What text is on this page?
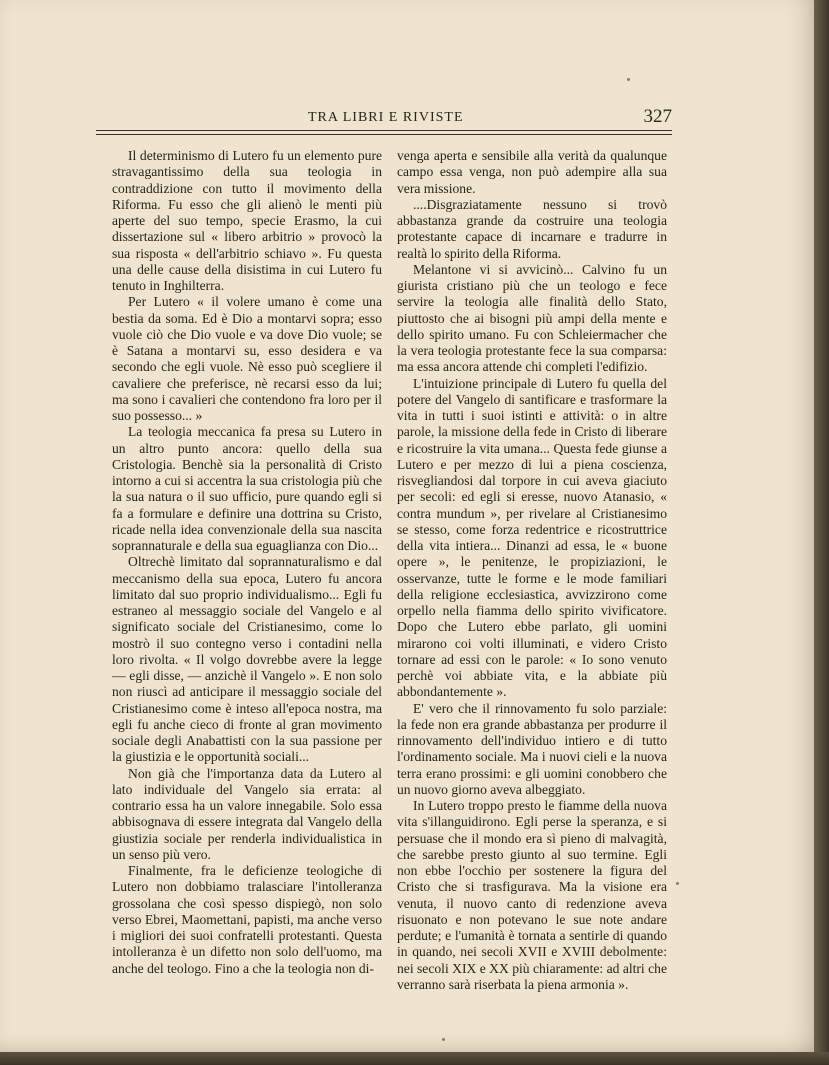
TRA LIBRI E RIVISTE	327

Il determinismo di Lutero fu un elemento pure stravagantissimo della sua teologia in contraddizione con tutto il movimento della Riforma. Fu esso che gli alienò le menti più aperte del suo tempo, specie Erasmo, la cui dissertazione sul « libero arbitrio » provocò la sua risposta « dell'arbitrio schiavo ». Fu questa una delle cause della disistima in cui Lutero fu tenuto in Inghilterra.

Per Lutero « il volere umano è come una bestia da soma. Ed è Dio a montarvi sopra; esso vuole ciò che Dio vuole e va dove Dio vuole; se è Satana a montarvi su, esso desidera e va secondo che egli vuole. Nè esso può scegliere il cavaliere che preferisce, nè recarsi esso da lui; ma sono i cavalieri che contendono fra loro per il suo possesso... »

La teologia meccanica fa presa su Lutero in un altro punto ancora: quello della sua Cristologia. Benchè sia la personalità di Cristo intorno a cui si accentra la sua cristologia più che la sua natura o il suo ufficio, pure quando egli si fa a formulare e definire una dottrina su Cristo, ricade nella idea convenzionale della sua nascita soprannaturale e della sua eguaglianza con Dio...

Oltrechè limitato dal soprannaturalismo e dal meccanismo della sua epoca, Lutero fu ancora limitato dal suo proprio individualismo... Egli fu estraneo al messaggio sociale del Vangelo e al significato sociale del Cristianesimo, come lo mostrò il suo contegno verso i contadini nella loro rivolta. « Il volgo dovrebbe avere la legge — egli disse, — anzichè il Vangelo ». E non solo non riuscì ad anticipare il messaggio sociale del Cristianesimo come è inteso all'epoca nostra, ma egli fu anche cieco di fronte al gran movimento sociale degli Anabattisti con la sua passione per la giustizia e le opportunità sociali...

Non già che l'importanza data da Lutero al lato individuale del Vangelo sia errata: al contrario essa ha un valore innegabile. Solo essa abbisognava di essere integrata dal Vangelo della giustizia sociale per renderla individualistica in un senso più vero.

Finalmente, fra le deficienze teologiche di Lutero non dobbiamo tralasciare l'intolleranza grossolana che così spesso dispiegò, non solo verso Ebrei, Maomettani, papisti, ma anche verso i migliori dei suoi confratelli protestanti. Questa intolleranza è un difetto non solo dell'uomo, ma anche del teologo. Fino a che la teologia non di-

venga aperta e sensibile alla verità da qualunque campo essa venga, non può adempire alla sua vera missione.

....Disgraziatamente nessuno si trovò abbastanza grande da costruire una teologia protestante capace di incarnare e tradurre in realtà lo spirito della Riforma.

Melantone vi si avvicinò... Calvino fu un giurista cristiano più che un teologo e fece servire la teologia alle finalità dello Stato, piuttosto che ai bisogni più ampi della mente e dello spirito umano. Fu con Schleiermacher che la vera teologia protestante fece la sua comparsa: ma essa ancora attende chi completi l'edifizio.

L'intuizione principale di Lutero fu quella del potere del Vangelo di santificare e trasformare la vita in tutti i suoi istinti e attività: o in altre parole, la missione della fede in Cristo di liberare e ricostruire la vita umana... Questa fede giunse a Lutero e per mezzo di lui a piena coscienza, risvegliandosi dal torpore in cui aveva giaciuto per secoli: ed egli si eresse, nuovo Atanasio, « contra mundum », per rivelare al Cristianesimo se stesso, come forza redentrice e ricostruttrice della vita intiera... Dinanzi ad essa, le « buone opere », le penitenze, le propiziazioni, le osservanze, tutte le forme e le mode familiari della religione ecclesiastica, avvizzirono come orpello nella fiamma dello spirito vivificatore. Dopo che Lutero ebbe parlato, gli uomini mirarono coi volti illuminati, e videro Cristo tornare ad essi con le parole: « Io sono venuto perchè voi abbiate vita, e la abbiate più abbondantemente ».

E' vero che il rinnovamento fu solo parziale: la fede non era grande abbastanza per produrre il rinnovamento dell'individuo intiero e di tutto l'ordinamento sociale. Ma i nuovi cieli e la nuova terra erano prossimi: e gli uomini conobbero che un nuovo giorno aveva albeggiato.

In Lutero troppo presto le fiamme della nuova vita s'illanguidirono. Egli perse la speranza, e si persuase che il mondo era sì pieno di malvagità, che sarebbe presto giunto al suo termine. Egli non ebbe l'occhio per sostenere la figura del Cristo che si trasfigurava. Ma la visione era venuta, il nuovo canto di redenzione aveva risuonato e non potevano le sue note andare perdute; e l'umanità è tornata a sentirle di quando in quando, nei secoli XVII e XVIII debolmente: nei secoli XIX e XX più chiaramente: ad altri che verranno sarà riserbata la piena armonia ».
